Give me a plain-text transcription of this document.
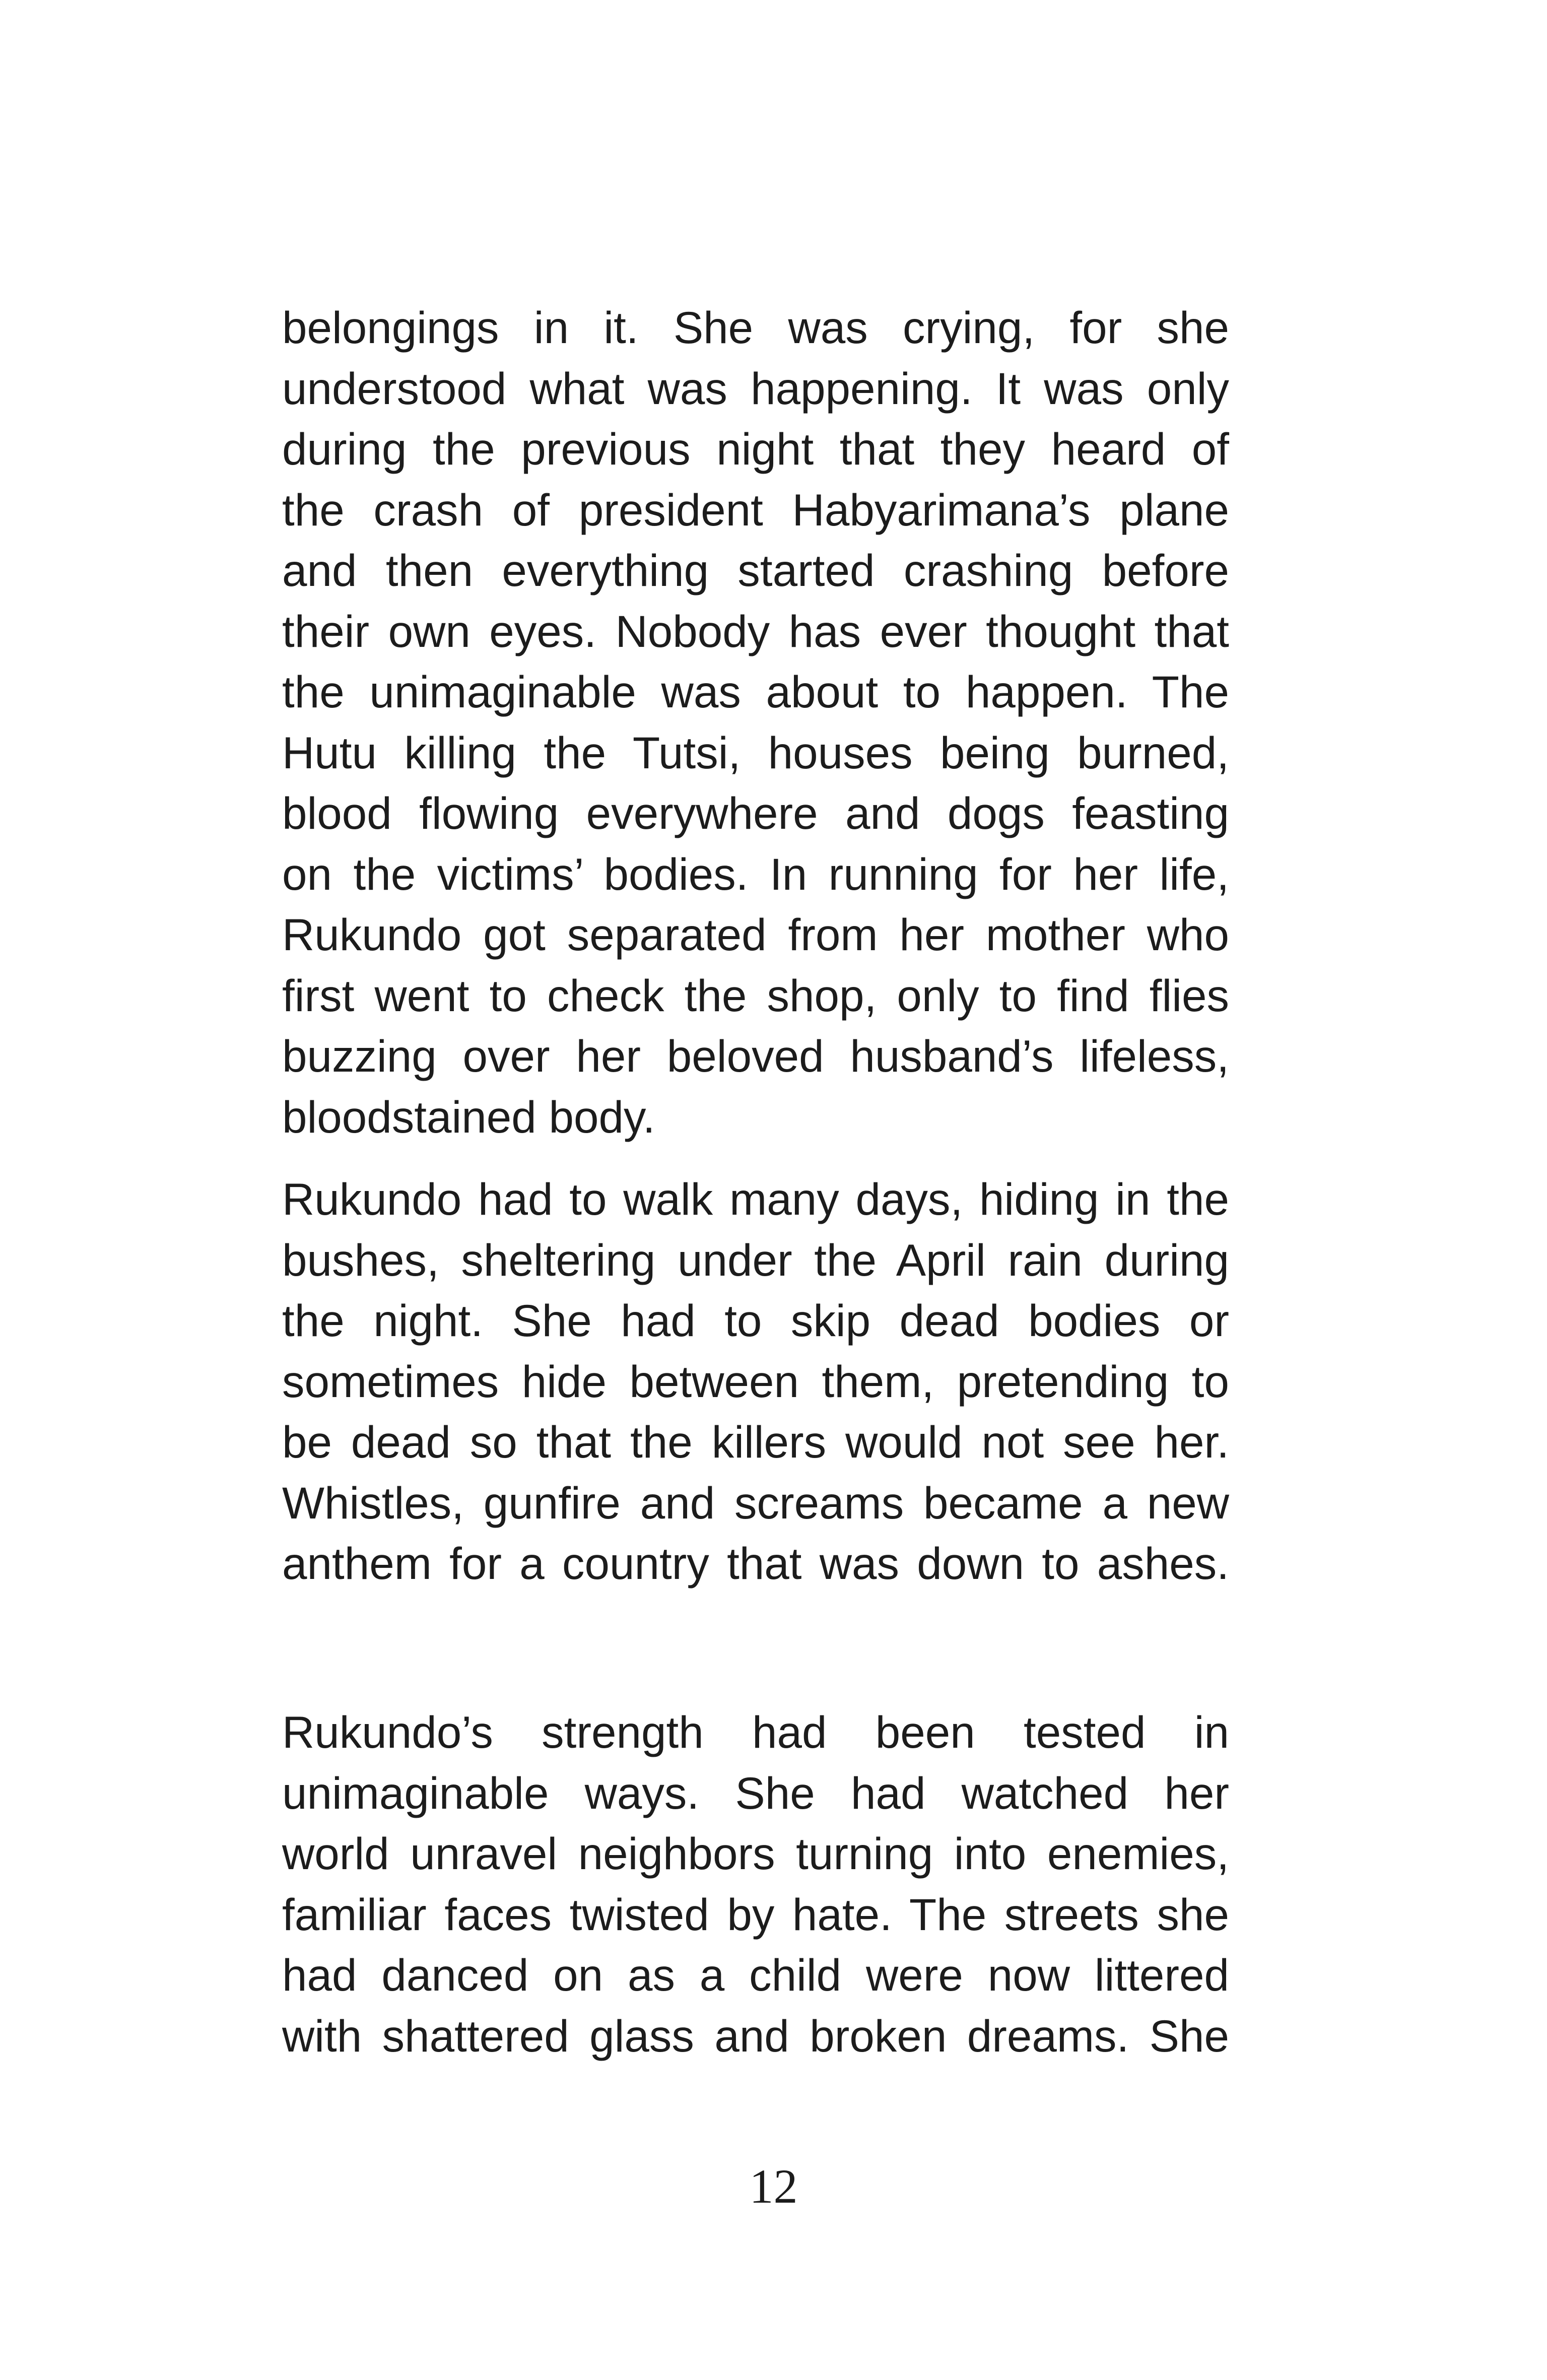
belongings in it. She was crying, for she
understood what was happening. It was only
during the previous night that they heard of
the crash of president Habyarimana’s plane
and then everything started crashing before
their own eyes. Nobody has ever thought that
the unimaginable was about to happen. The
Hutu killing the Tutsi, houses being burned,
blood flowing everywhere and dogs feasting
on the victims’ bodies. In running for her life,
Rukundo got separated from her mother who
first went to check the shop, only to find flies
buzzing over her beloved husband’s lifeless,
bloodstained body.
Rukundo had to walk many days, hiding in the
bushes, sheltering under the April rain during
the night. She had to skip dead bodies or
sometimes hide between them, pretending to
be dead so that the killers would not see her.
Whistles, gunfire and screams became a new
anthem for a country that was down to ashes.
Rukundo’s strength had been tested in
unimaginable ways. She had watched her
world unravel neighbors turning into enemies,
familiar faces twisted by hate. The streets she
had danced on as a child were now littered
with shattered glass and broken dreams. She
12
